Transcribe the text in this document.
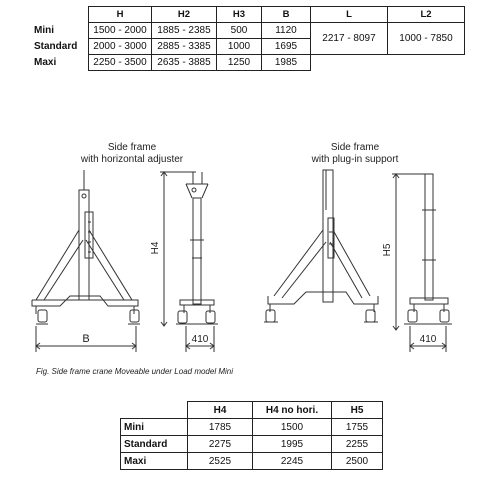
	H	H2	H3	B	L	L2
Mini	1500 - 2000	1885 - 2385	500	1120	2217 - 8097	1000 - 7850
Standard	2000 - 3000	2885 - 3385	1000	1695		
Maxi	2250 - 3500	2635 - 3885	1250	1985		
Side frame
with horizontal adjuster
Side frame
with plug-in support
B	410	410
H4	H5
Fig. Side frame crane Moveable under Load model Mini
	H4	H4 no hori.	H5
Mini	1785	1500	1755
Standard	2275	1995	2255
Maxi	2525	2245	2500
